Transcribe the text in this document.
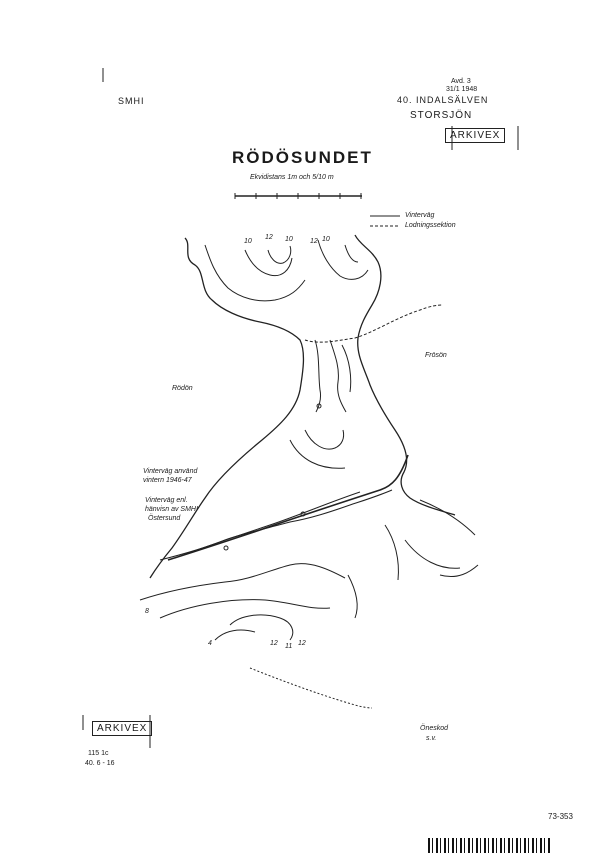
SMHI
Avd. 3
31/1 1948
40. INDALSÄLVEN
STORSJÖN
ARKIVEX
RÖDÖSUNDET
Ekvidistans 1m och 5/10 m
Vinterväg
Lodningssektion
Rödön
Frösön
Vinterväg använd
vintern 1946-47
Vinterväg enl.
hänvisn av SMHI
Östersund
Öneskod
s.v.
10
12 10 12 10
12
4
8
11 12
ARKIVEX
115 1c
40. 6 - 16
73-353
